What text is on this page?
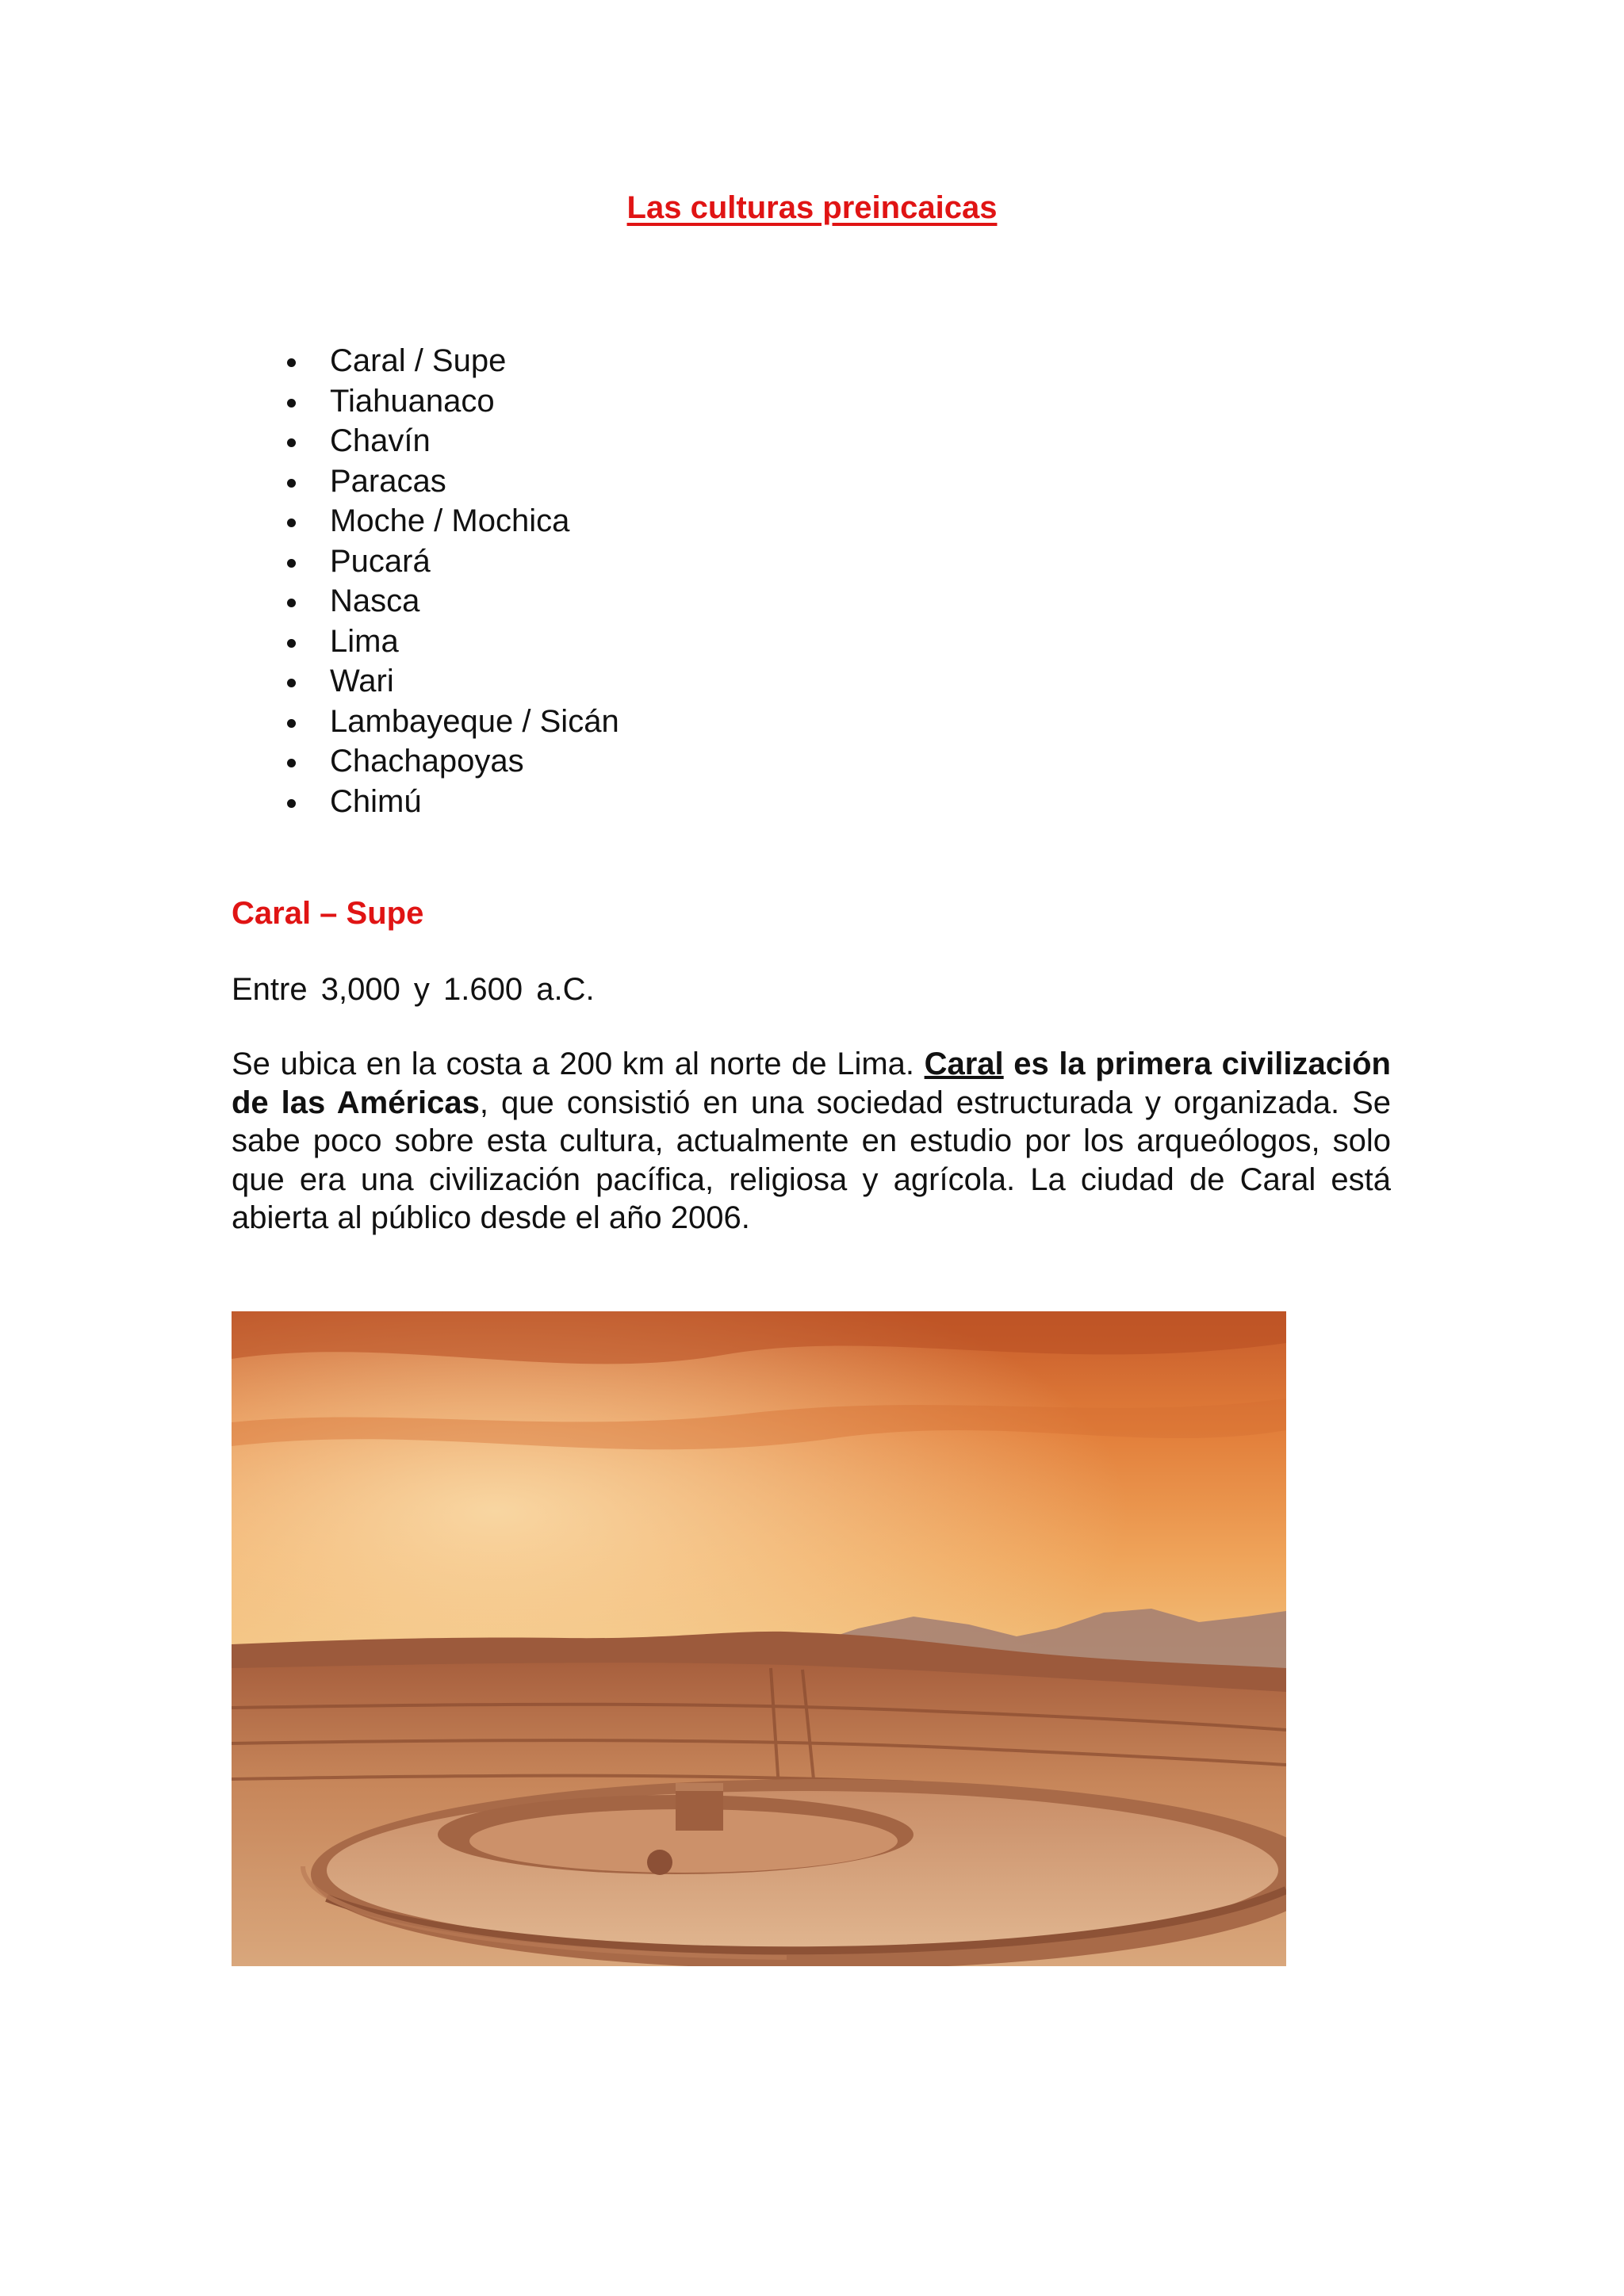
Las culturas preincaicas
Caral / Supe
Tiahuanaco
Chavín
Paracas
Moche / Mochica
Pucará
Nasca
Lima
Wari
Lambayeque / Sicán
Chachapoyas
Chimú
Caral – Supe

Entre 3,000 y 1.600 a.C.

Se ubica en la costa a 200 km al norte de Lima. Caral es la primera civilización de las Américas, que consistió en una sociedad estructurada y organizada. Se sabe poco sobre esta cultura, actualmente en estudio por los arqueólogos, solo que era una civilización pacífica, religiosa y agrícola. La ciudad de Caral está abierta al público desde el año 2006.
